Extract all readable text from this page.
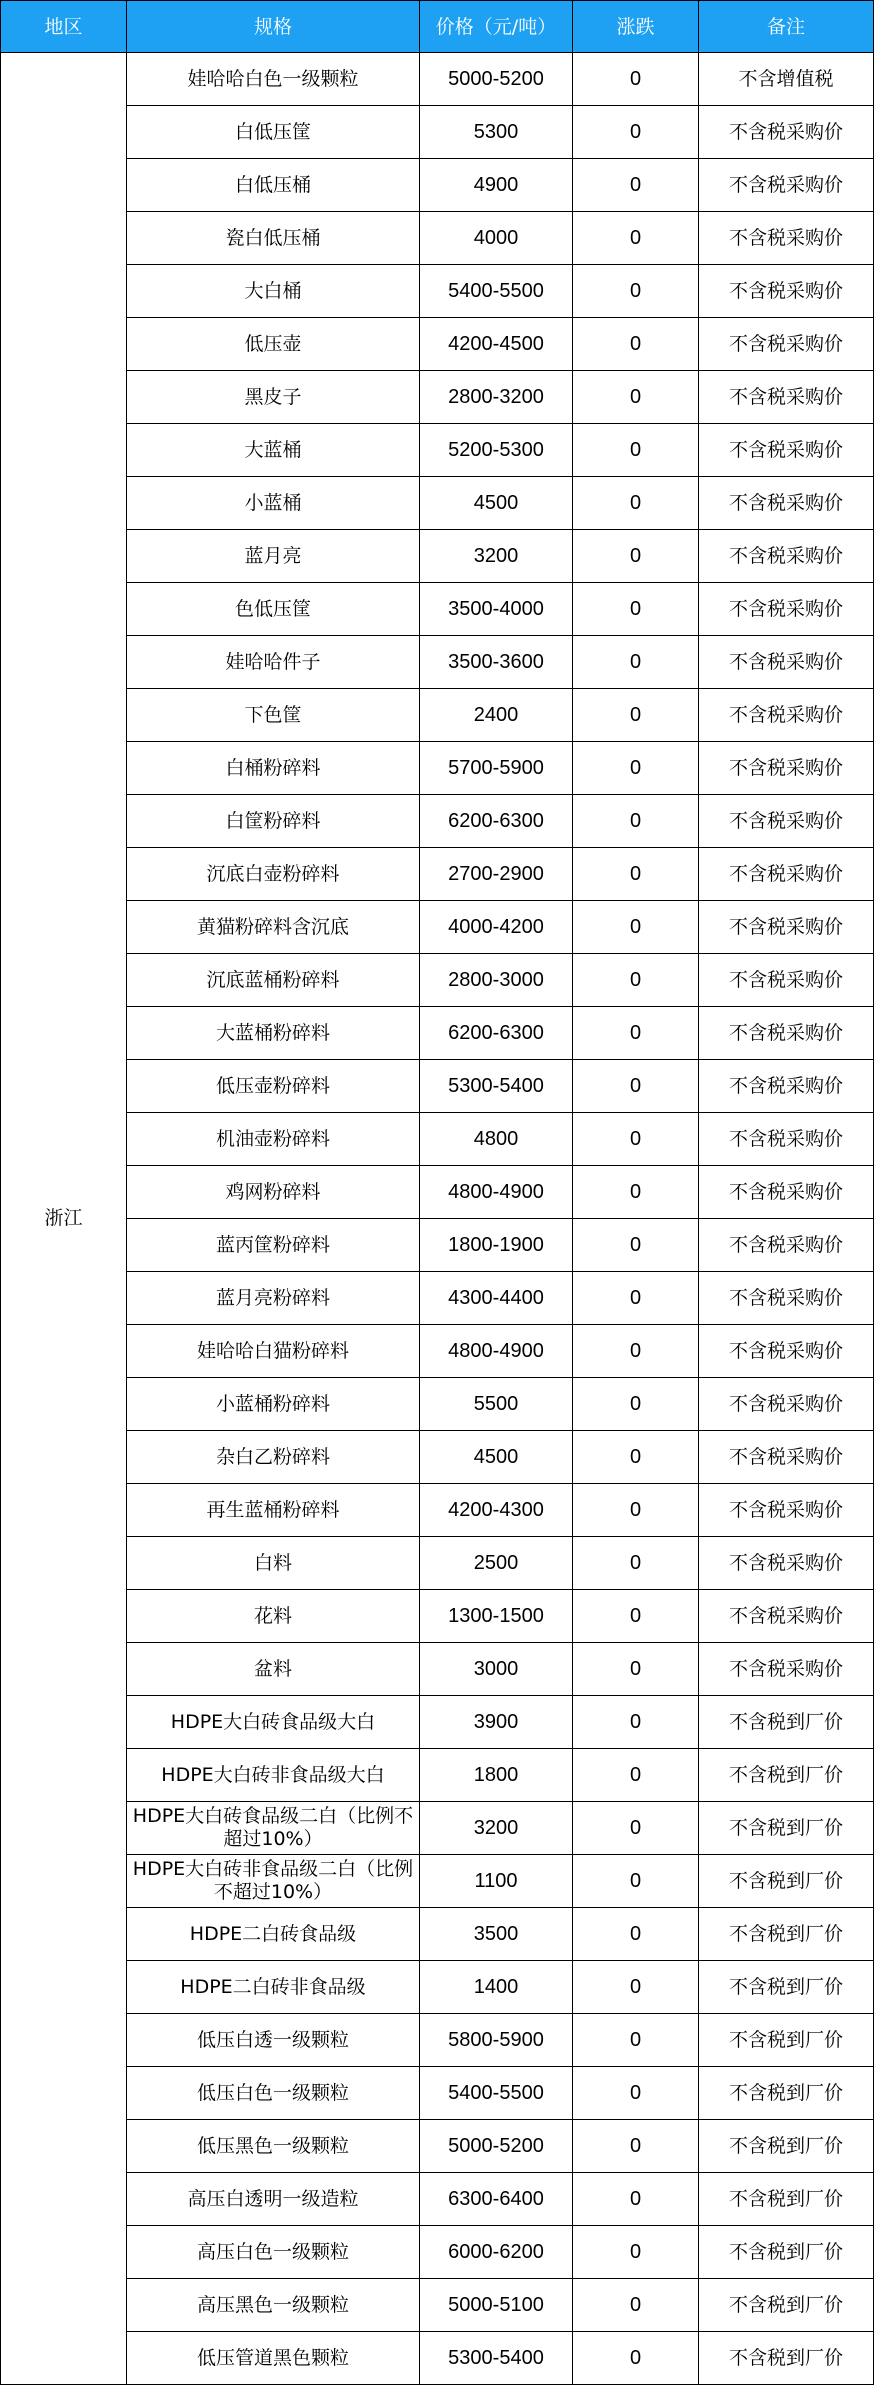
地区	规格	价格（元/吨）	涨跌	备注
浙江	娃哈哈白色一级颗粒	5000-5200	0	不含增值税
	白低压筐	5300	0	不含税采购价
	白低压桶	4900	0	不含税采购价
	瓷白低压桶	4000	0	不含税采购价
	大白桶	5400-5500	0	不含税采购价
	低压壶	4200-4500	0	不含税采购价
	黑皮子	2800-3200	0	不含税采购价
	大蓝桶	5200-5300	0	不含税采购价
	小蓝桶	4500	0	不含税采购价
	蓝月亮	3200	0	不含税采购价
	色低压筐	3500-4000	0	不含税采购价
	娃哈哈件子	3500-3600	0	不含税采购价
	下色筐	2400	0	不含税采购价
	白桶粉碎料	5700-5900	0	不含税采购价
	白筐粉碎料	6200-6300	0	不含税采购价
	沉底白壶粉碎料	2700-2900	0	不含税采购价
	黄猫粉碎料含沉底	4000-4200	0	不含税采购价
	沉底蓝桶粉碎料	2800-3000	0	不含税采购价
	大蓝桶粉碎料	6200-6300	0	不含税采购价
	低压壶粉碎料	5300-5400	0	不含税采购价
	机油壶粉碎料	4800	0	不含税采购价
	鸡网粉碎料	4800-4900	0	不含税采购价
	蓝丙筐粉碎料	1800-1900	0	不含税采购价
	蓝月亮粉碎料	4300-4400	0	不含税采购价
	娃哈哈白猫粉碎料	4800-4900	0	不含税采购价
	小蓝桶粉碎料	5500	0	不含税采购价
	杂白乙粉碎料	4500	0	不含税采购价
	再生蓝桶粉碎料	4200-4300	0	不含税采购价
	白料	2500	0	不含税采购价
	花料	1300-1500	0	不含税采购价
	盆料	3000	0	不含税采购价
	HDPE大白砖食品级大白	3900	0	不含税到厂价
	HDPE大白砖非食品级大白	1800	0	不含税到厂价
	HDPE大白砖食品级二白（比例不超过10%）	3200	0	不含税到厂价
	HDPE大白砖非食品级二白（比例不超过10%）	1100	0	不含税到厂价
	HDPE二白砖食品级	3500	0	不含税到厂价
	HDPE二白砖非食品级	1400	0	不含税到厂价
	低压白透一级颗粒	5800-5900	0	不含税到厂价
	低压白色一级颗粒	5400-5500	0	不含税到厂价
	低压黑色一级颗粒	5000-5200	0	不含税到厂价
	高压白透明一级造粒	6300-6400	0	不含税到厂价
	高压白色一级颗粒	6000-6200	0	不含税到厂价
	高压黑色一级颗粒	5000-5100	0	不含税到厂价
	低压管道黑色颗粒	5300-5400	0	不含税到厂价
